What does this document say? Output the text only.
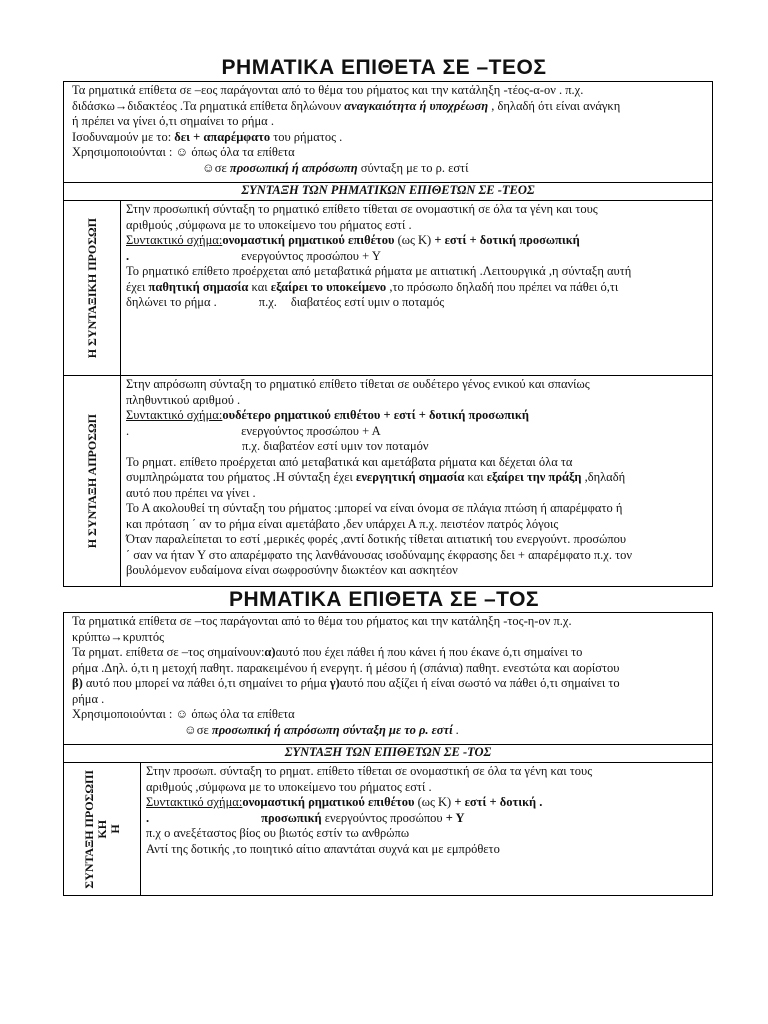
ΡΗΜΑΤΙΚΑ ΕΠΙΘΕΤΑ ΣΕ –ΤΕΟΣ
Τα ρηματικά επίθετα σε –εος παράγονται από το θέμα του ρήματος και την κατάληξη -τέος-α-ον . π.χ.
διδάσκω→διδακτέος .Τα ρηματικά επίθετα δηλώνουν αναγκαιότητα ή υποχρέωση , δηλαδή ότι είναι ανάγκη
ή πρέπει να γίνει ό,τι σημαίνει το ρήμα .
Ισοδυναμούν με το: δει + απαρέμφατο του ρήματος .
Χρησιμοποιούνται : ☺ όπως όλα τα επίθετα
☺σε προσωπική ή απρόσωπη σύνταξη με το ρ. εστί
ΣΥΝΤΑΞΗ ΤΩΝ ΡΗΜΑΤΙΚΩΝ ΕΠΙΘΕΤΩΝ ΣΕ -ΤΕΟΣ
Η ΣΥΝΤΑΞΙΚΗ ΠΡΟΣΩΠ
Στην προσωπική σύνταξη το ρηματικό επίθετο τίθεται σε ονομαστική σε όλα τα γένη και τους
αριθμούς ,σύμφωνα με το υποκείμενο του ρήματος εστί .
Συντακτικό σχήμα:ονομαστική ρηματικού επιθέτου (ως Κ) + εστί + δοτική προσωπική
.	ενεργούντος προσώπου + Υ
Το ρηματικό επίθετο προέρχεται από μεταβατικά ρήματα με αιτιατική .Λειτουργικά ,η σύνταξη αυτή
έχει παθητική σημασία και εξαίρει το υποκείμενο ,το πρόσωπο δηλαδή που πρέπει να πάθει ό,τι
δηλώνει το ρήμα .	π.χ. διαβατέος εστί υμιν ο ποταμός
Η ΣΥΝΤΑΞΗ ΑΠΡΟΣΩΠ
Στην απρόσωπη σύνταξη το ρηματικό επίθετο τίθεται σε ουδέτερο γένος ενικού και σπανίως
πληθυντικού αριθμού .
Συντακτικό σχήμα:ουδέτερο ρηματικού επιθέτου + εστί + δοτική προσωπική
.	ενεργούντος προσώπου + Α
π.χ. διαβατέον εστί υμιν τον ποταμόν
Το ρηματ. επίθετο προέρχεται από μεταβατικά και αμετάβατα ρήματα και δέχεται όλα τα
συμπληρώματα του ρήματος .Η σύνταξη έχει ενεργητική σημασία και εξαίρει την πράξη ,δηλαδή
αυτό που πρέπει να γίνει .
Το Α ακολουθεί τη σύνταξη του ρήματος :μπορεί να είναι όνομα σε πλάγια πτώση ή απαρέμφατο ή
και πρόταση ΄ αν το ρήμα είναι αμετάβατο ,δεν υπάρχει Α π.χ. πειστέον πατρός λόγοις
Όταν παραλείπεται το εστί ,μερικές φορές ,αντί δοτικής τίθεται αιτιατική του ενεργούντ. προσώπου
΄ σαν να ήταν Υ στο απαρέμφατο της λανθάνουσας ισοδύναμης έκφρασης δει + απαρέμφατο π.χ. τον
βουλόμενον ευδαίμονα είναι σωφροσύνην διωκτέον και ασκητέον
ΡΗΜΑΤΙΚΑ ΕΠΙΘΕΤΑ ΣΕ –ΤΟΣ
Τα ρηματικά επίθετα σε –τος παράγονται από το θέμα του ρήματος και την κατάληξη -τος-η-ον π.χ.
κρύπτω→κρυπτός
Τα ρηματ. επίθετα σε –τος σημαίνουν:α)αυτό που έχει πάθει ή που κάνει ή που έκανε ό,τι σημαίνει το
ρήμα .Δηλ. ό,τι η μετοχή παθητ. παρακειμένου ή ενεργητ. ή μέσου ή (σπάνια) παθητ. ενεστώτα και αορίστου
β) αυτό που μπορεί να πάθει ό,τι σημαίνει το ρήμα γ)αυτό που αξίζει ή είναι σωστό να πάθει ό,τι σημαίνει το
ρήμα .
Χρησιμοποιούνται : ☺ όπως όλα τα επίθετα
☺σε προσωπική ή απρόσωπη σύνταξη με το ρ. εστί .
ΣΥΝΤΑΞΗ ΤΩΝ ΕΠΙΘΕΤΩΝ ΣΕ -ΤΟΣ
ΣΥΝΤΑΞΗ ΠΡΟΣΩΠΙ
ΚΗ
Η
Στην προσωπ. σύνταξη το ρηματ. επίθετο τίθεται σε ονομαστική σε όλα τα γένη και τους
αριθμούς ,σύμφωνα με το υποκείμενο του ρήματος εστί .
Συντακτικό σχήμα:ονομαστική ρηματικού επιθέτου (ως Κ) + εστί + δοτική .
.	προσωπική ενεργούντος προσώπου + Υ
π.χ ο ανεξέταστος βίος ου βιωτός εστίν τω ανθρώπω
Αντί της δοτικής ,το ποιητικό αίτιο απαντάται συχνά και με εμπρόθετο
